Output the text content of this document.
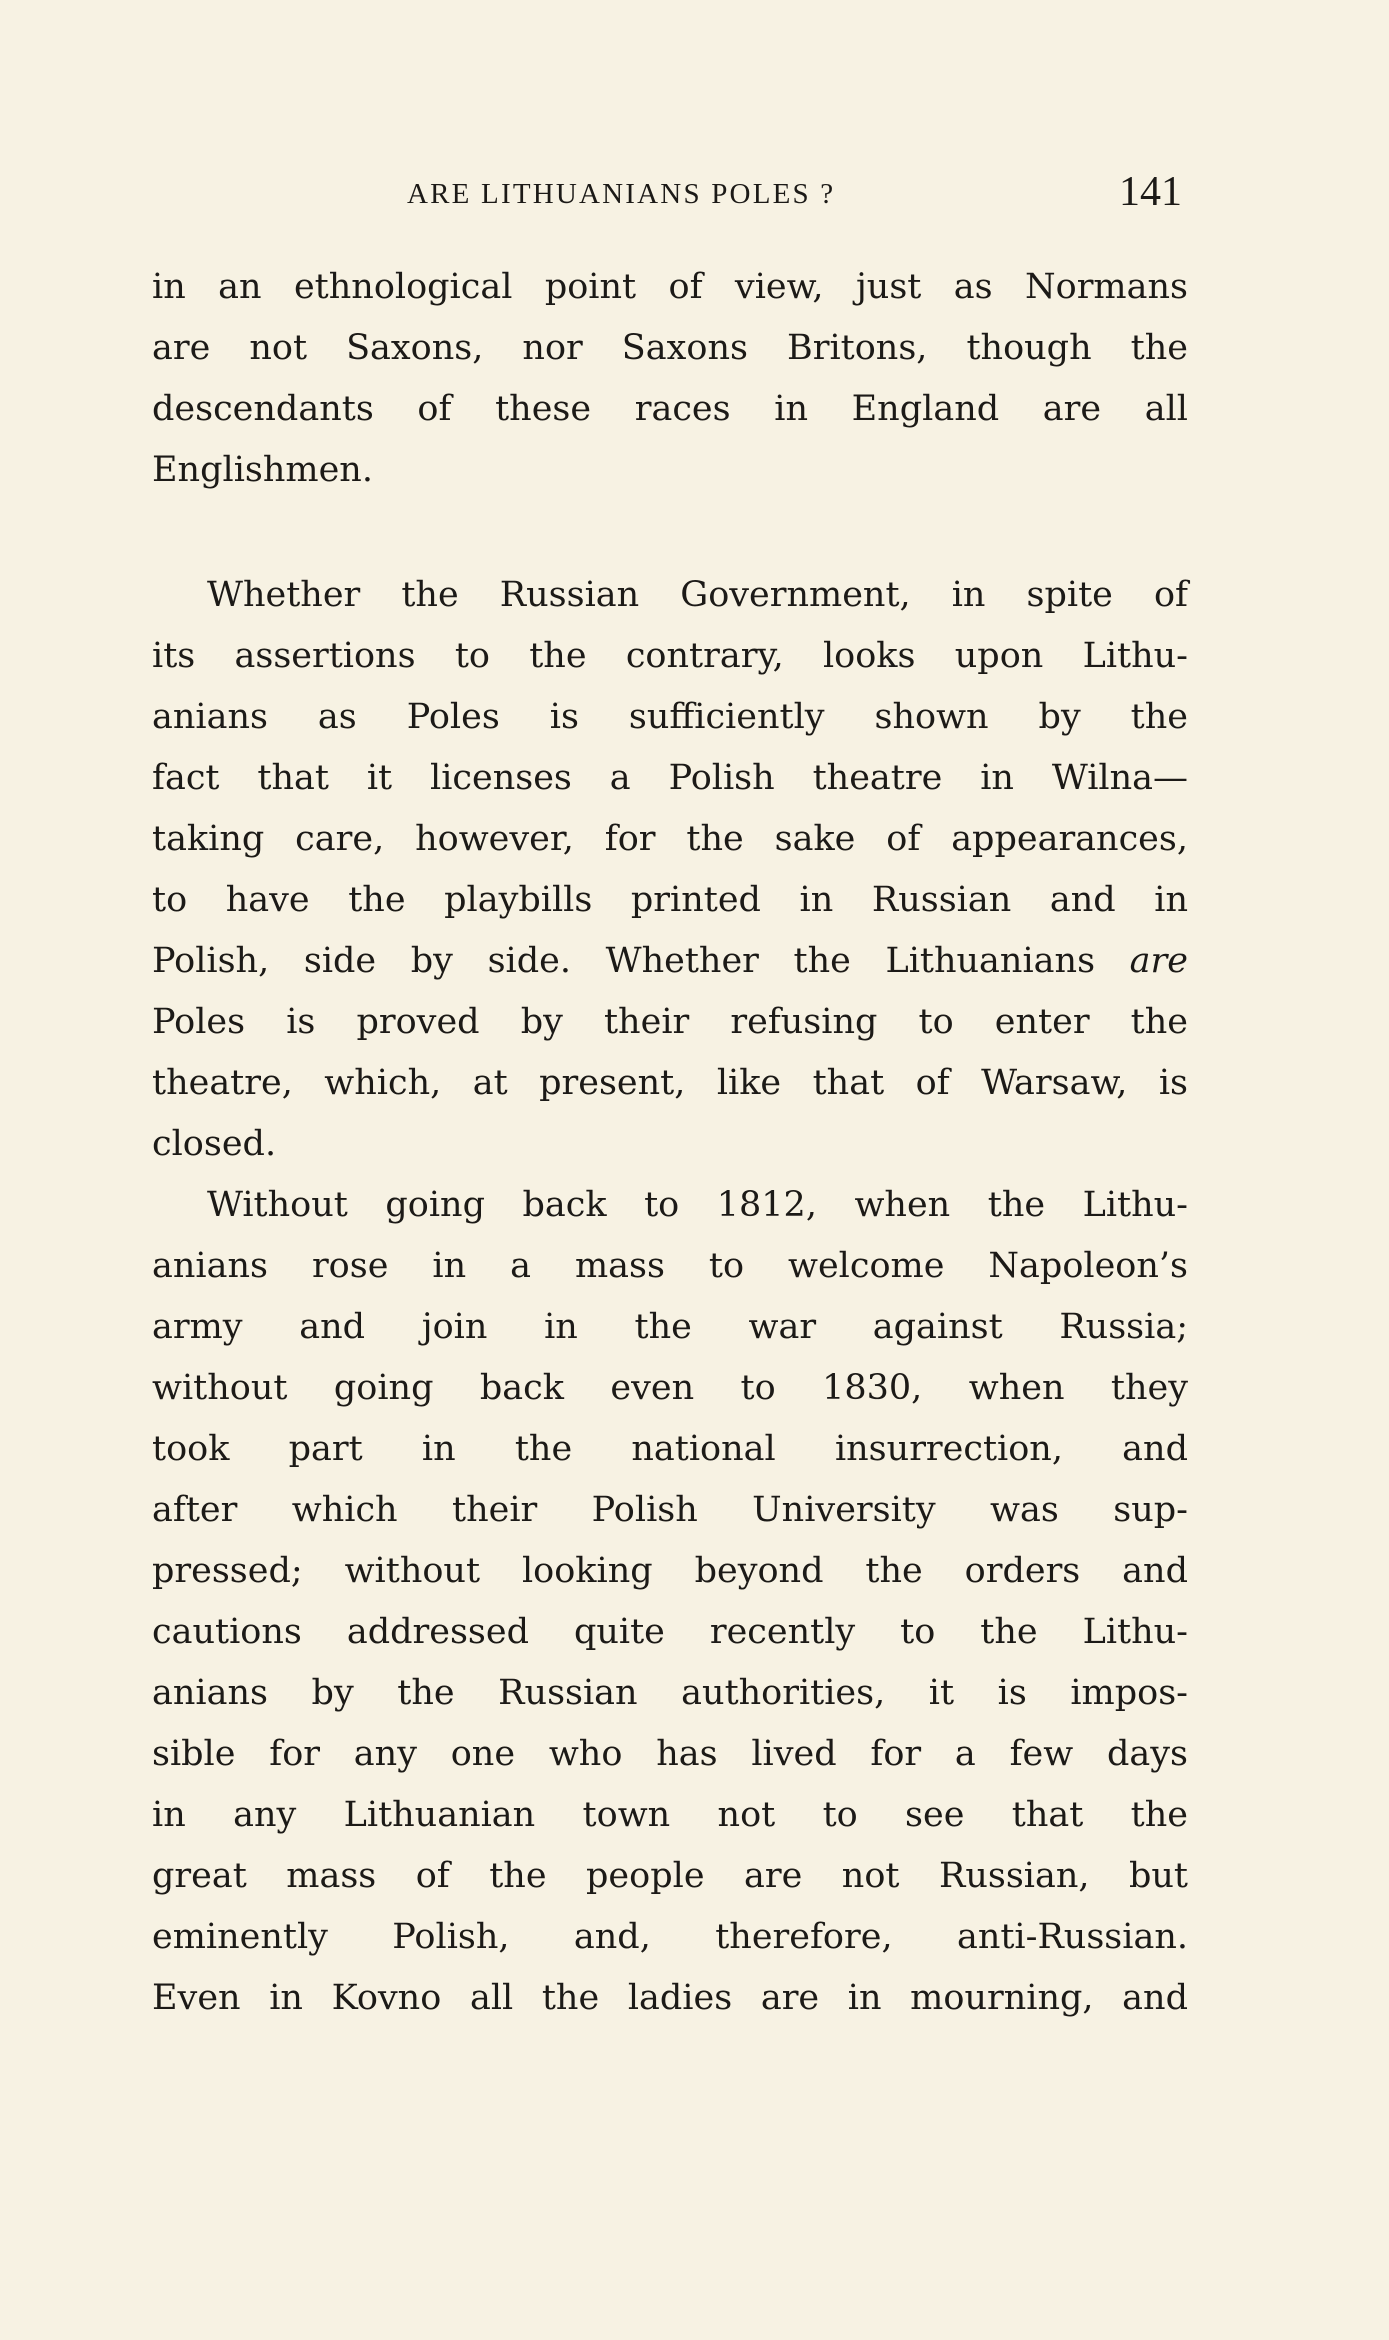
ARE LITHUANIANS POLES ?	141
in an ethnological point of view, just as Normans
are not Saxons, nor Saxons Britons, though the
descendants of these races in England are all
Englishmen.
Whether the Russian Government, in spite of
its assertions to the contrary, looks upon Lithu-
anians as Poles is sufficiently shown by the
fact that it licenses a Polish theatre in Wilna—
taking care, however, for the sake of appearances,
to have the playbills printed in Russian and in
Polish, side by side. Whether the Lithuanians are
Poles is proved by their refusing to enter the
theatre, which, at present, like that of Warsaw, is
closed.
Without going back to 1812, when the Lithu-
anians rose in a mass to welcome Napoleon’s
army and join in the war against Russia;
without going back even to 1830, when they
took part in the national insurrection, and
after which their Polish University was sup-
pressed; without looking beyond the orders and
cautions addressed quite recently to the Lithu-
anians by the Russian authorities, it is impos-
sible for any one who has lived for a few days
in any Lithuanian town not to see that the
great mass of the people are not Russian, but
eminently Polish, and, therefore, anti-Russian.
Even in Kovno all the ladies are in mourning, and
